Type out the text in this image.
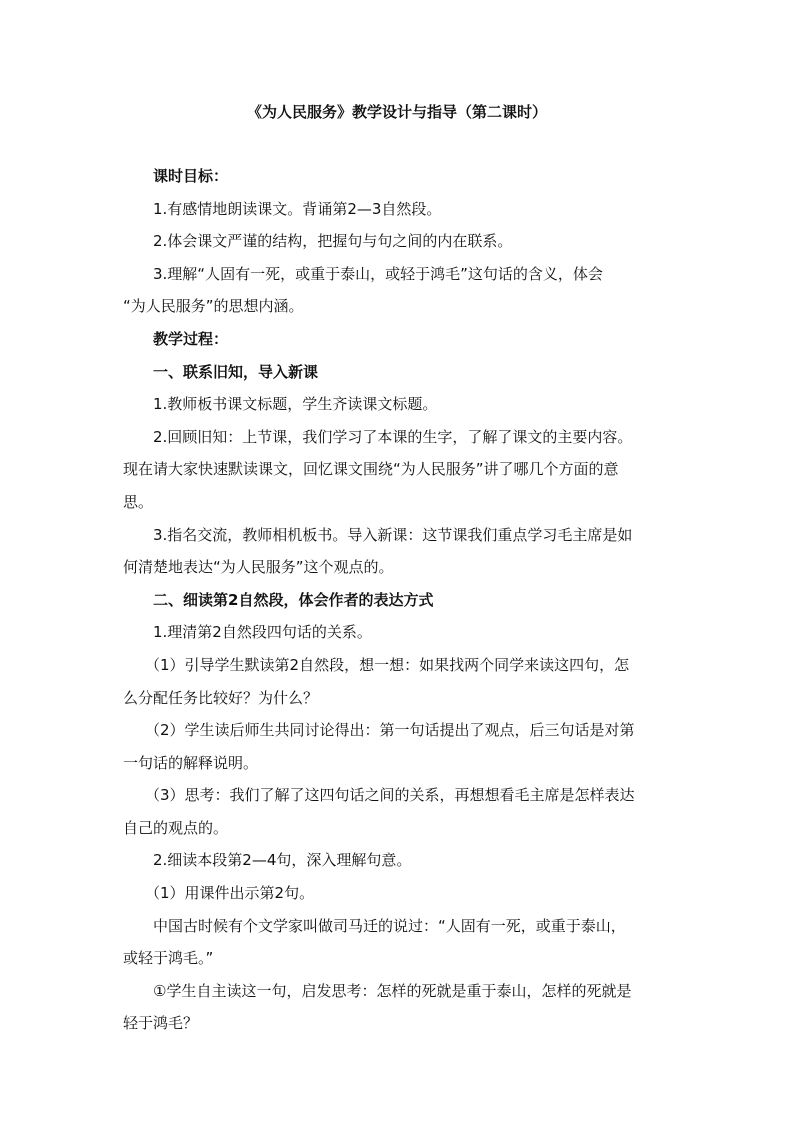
《为人民服务》教学设计与指导（第二课时）
课时目标：
1.有感情地朗读课文。背诵第2—3自然段。
2.体会课文严谨的结构，把握句与句之间的内在联系。
3.理解“人固有一死，或重于泰山，或轻于鸿毛”这句话的含义，体会
“为人民服务”的思想内涵。
教学过程：
一、联系旧知，导入新课
1.教师板书课文标题，学生齐读课文标题。
2.回顾旧知：上节课，我们学习了本课的生字，了解了课文的主要内容。
现在请大家快速默读课文，回忆课文围绕“为人民服务”讲了哪几个方面的意
思。
3.指名交流，教师相机板书。导入新课：这节课我们重点学习毛主席是如
何清楚地表达“为人民服务”这个观点的。
二、细读第2自然段，体会作者的表达方式
1.理清第2自然段四句话的关系。
（1）引导学生默读第2自然段，想一想：如果找两个同学来读这四句，怎
么分配任务比较好？为什么？
（2）学生读后师生共同讨论得出：第一句话提出了观点，后三句话是对第
一句话的解释说明。
（3）思考：我们了解了这四句话之间的关系，再想想看毛主席是怎样表达
自己的观点的。
2.细读本段第2—4句，深入理解句意。
（1）用课件出示第2句。
中国古时候有个文学家叫做司马迁的说过：“人固有一死，或重于泰山，
或轻于鸿毛。”
①学生自主读这一句，启发思考：怎样的死就是重于泰山，怎样的死就是
轻于鸿毛？
